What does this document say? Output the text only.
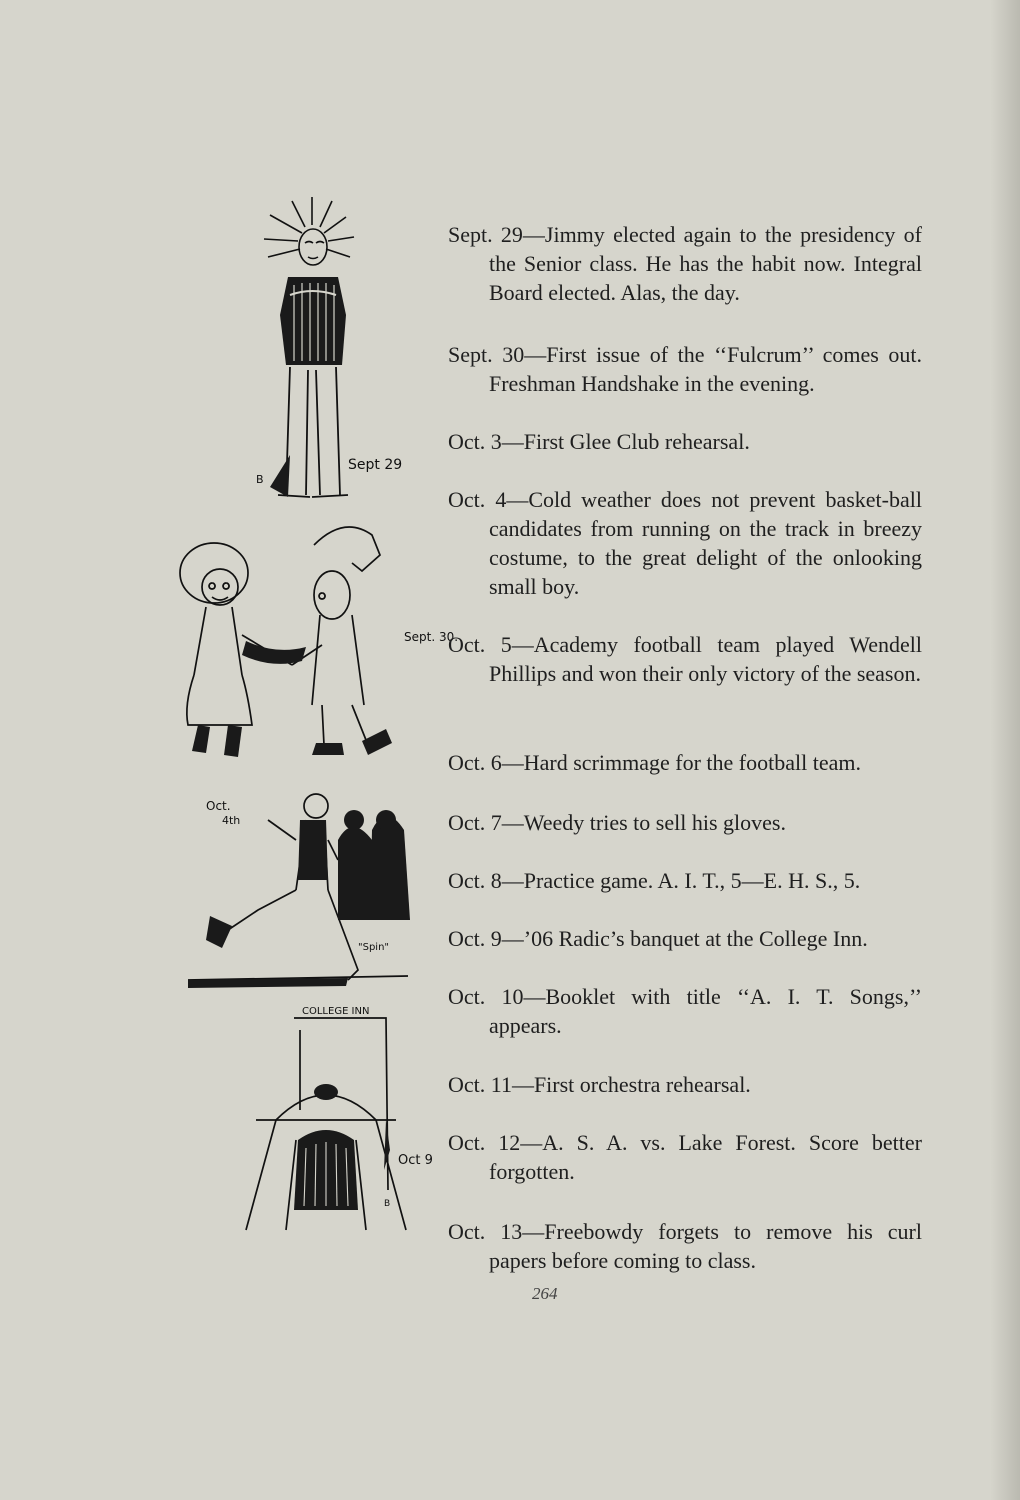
B
Sept 29
Sept. 30.
Oct.
4th
"Spin"
COLLEGE INN
Oct 9
B

Sept. 29—Jimmy elected again to the presidency of the Senior class. He has the habit now. Integral Board elected. Alas, the day.

Sept. 30—First issue of the ‘‘Fulcrum’’ comes out. Freshman Handshake in the evening.

Oct. 3—First Glee Club rehearsal.

Oct. 4—Cold weather does not prevent basket-ball candidates from running on the track in breezy costume, to the great delight of the onlooking small boy.

Oct. 5—Academy football team played Wendell Phillips and won their only victory of the season.

Oct. 6—Hard scrimmage for the football team.

Oct. 7—Weedy tries to sell his gloves.

Oct. 8—Practice game. A. I. T., 5—E. H. S., 5.

Oct. 9—’06 Radic’s banquet at the College Inn.

Oct. 10—Booklet with title ‘‘A. I. T. Songs,’’ appears.

Oct. 11—First orchestra rehearsal.

Oct. 12—A. S. A. vs. Lake Forest. Score better forgotten.

Oct. 13—Freebowdy forgets to remove his curl papers before coming to class.

264
